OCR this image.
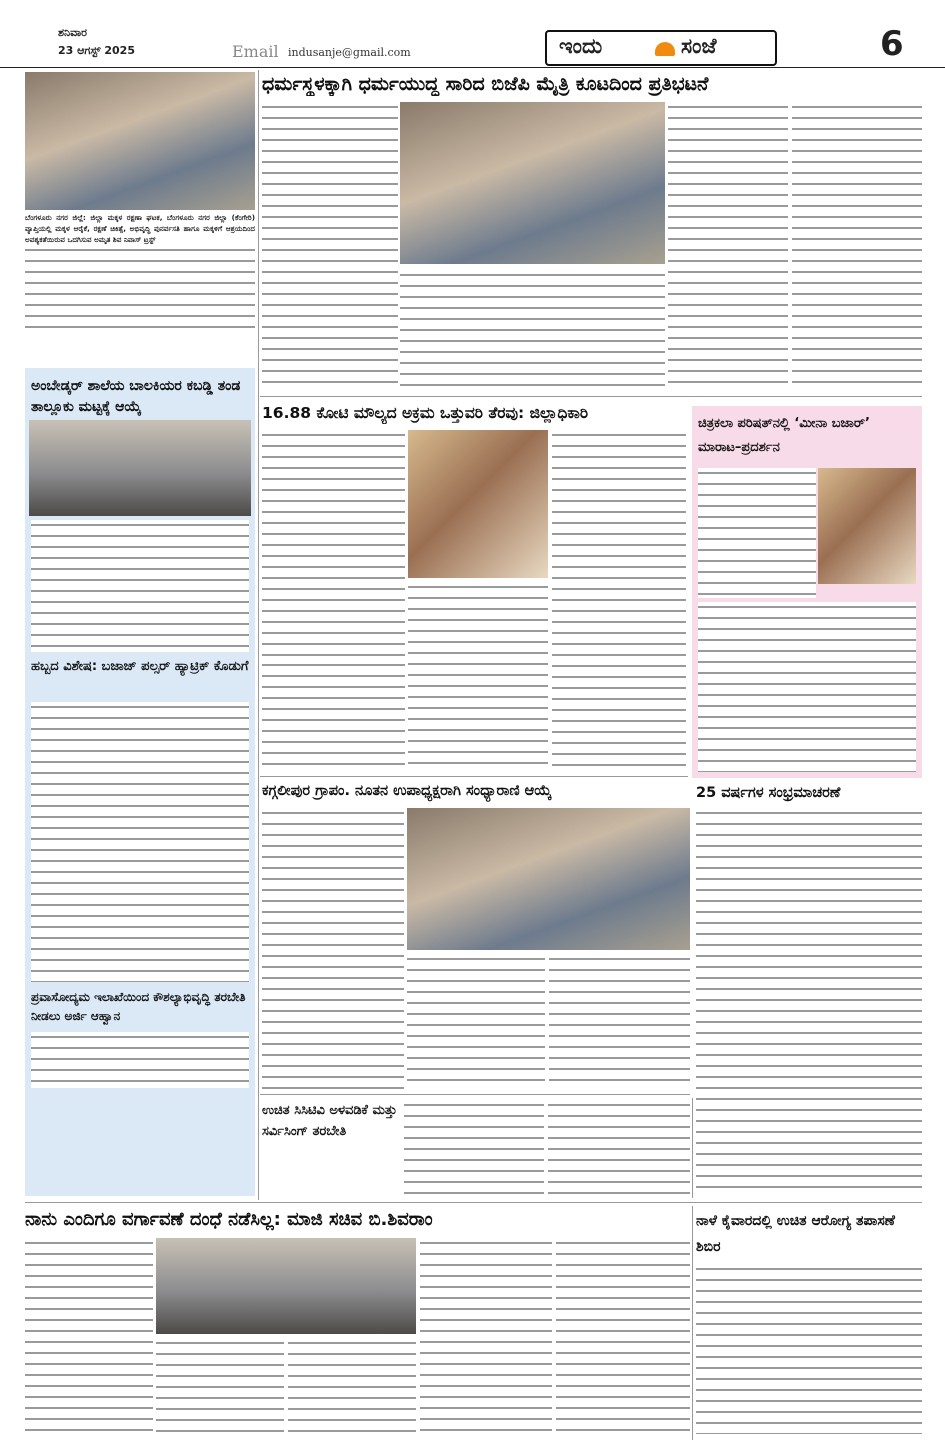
ಶನಿವಾರ
23 ಆಗಸ್ಟ್ 2025	Email indusanje@gmail.com	ಇಂದು	ಸಂಜೆ	6
ಬೆಂಗಳೂರು ನಗರ ಜಿಲ್ಲೆ: ಜಿಲ್ಲಾ ಮಕ್ಕಳ ರಕ್ಷಣಾ ಘಟಕ, ಬೆಂಗಳೂರು ನಗರ ಜಿಲ್ಲಾ (ಕೆಂಗೇರಿ) ವ್ಯಾಪ್ತಿಯಲ್ಲಿ ಮಕ್ಕಳ ಆರೈಕೆ, ರಕ್ಷಣೆ ಚಿಕಿತ್ಸೆ, ಅಭಿವೃದ್ಧಿ ಪುನರ್ವಸತಿ ಹಾಗೂ ಮಕ್ಕಳಿಗೆ ಆಶ್ರಯದಿಂದ ಅವಶ್ಯಕತೆಯಿರುವ ಒದಗಿಸುವ ಅಮೃತ ಶಿವ ನಿವಾಸ್ ಟ್ರಸ್ಟ್
ಧರ್ಮಸ್ಥಳಕ್ಕಾಗಿ ಧರ್ಮಯುದ್ಧ ಸಾರಿದ ಬಿಜೆಪಿ ಮೈತ್ರಿ ಕೂಟದಿಂದ ಪ್ರತಿಭಟನೆ
ಅಂಬೇಡ್ಕರ್ ಶಾಲೆಯ ಬಾಲಕಿಯರ ಕಬಡ್ಡಿ ತಂಡ ತಾಲ್ಲೂಕು ಮಟ್ಟಕ್ಕೆ ಆಯ್ಕೆ
ಹಬ್ಬದ ವಿಶೇಷ: ಬಜಾಜ್ ಪಲ್ಸರ್ ಹ್ಯಾಟ್ರಿಕ್ ಕೊಡುಗೆ
ಪ್ರವಾಸೋದ್ಯಮ ಇಲಾಖೆಯಿಂದ ಕೌಶಲ್ಯಾಭಿವೃದ್ಧಿ ತರಬೇತಿ ನೀಡಲು ಅರ್ಜಿ ಆಹ್ವಾನ
16.88 ಕೋಟಿ ಮೌಲ್ಯದ ಅಕ್ರಮ ಒತ್ತುವರಿ ತೆರವು: ಜಿಲ್ಲಾಧಿಕಾರಿ
ಚಿತ್ರಕಲಾ ಪರಿಷತ್‌ನಲ್ಲಿ ‘ಮೀನಾ ಬಜಾರ್’ ಮಾರಾಟ–ಪ್ರದರ್ಶನ
ಕಗ್ಗಲೀಪುರ ಗ್ರಾಪಂ. ನೂತನ ಉಪಾಧ್ಯಕ್ಷರಾಗಿ ಸಂಧ್ಯಾರಾಣಿ ಆಯ್ಕೆ	25 ವರ್ಷಗಳ ಸಂಭ್ರಮಾಚರಣೆ
ಉಚಿತ ಸಿಸಿಟಿವಿ ಅಳವಡಿಕೆ ಮತ್ತು ಸರ್ವಿಸಿಂಗ್ ತರಬೇತಿ
ನಾನು ಎಂದಿಗೂ ವರ್ಗಾವಣೆ ದಂಧೆ ನಡೆಸಿಲ್ಲ: ಮಾಜಿ ಸಚಿವ ಬಿ.ಶಿವರಾಂ	ನಾಳೆ ಕೈವಾರದಲ್ಲಿ ಉಚಿತ ಆರೋಗ್ಯ ತಪಾಸಣೆ ಶಿಬಿರ
